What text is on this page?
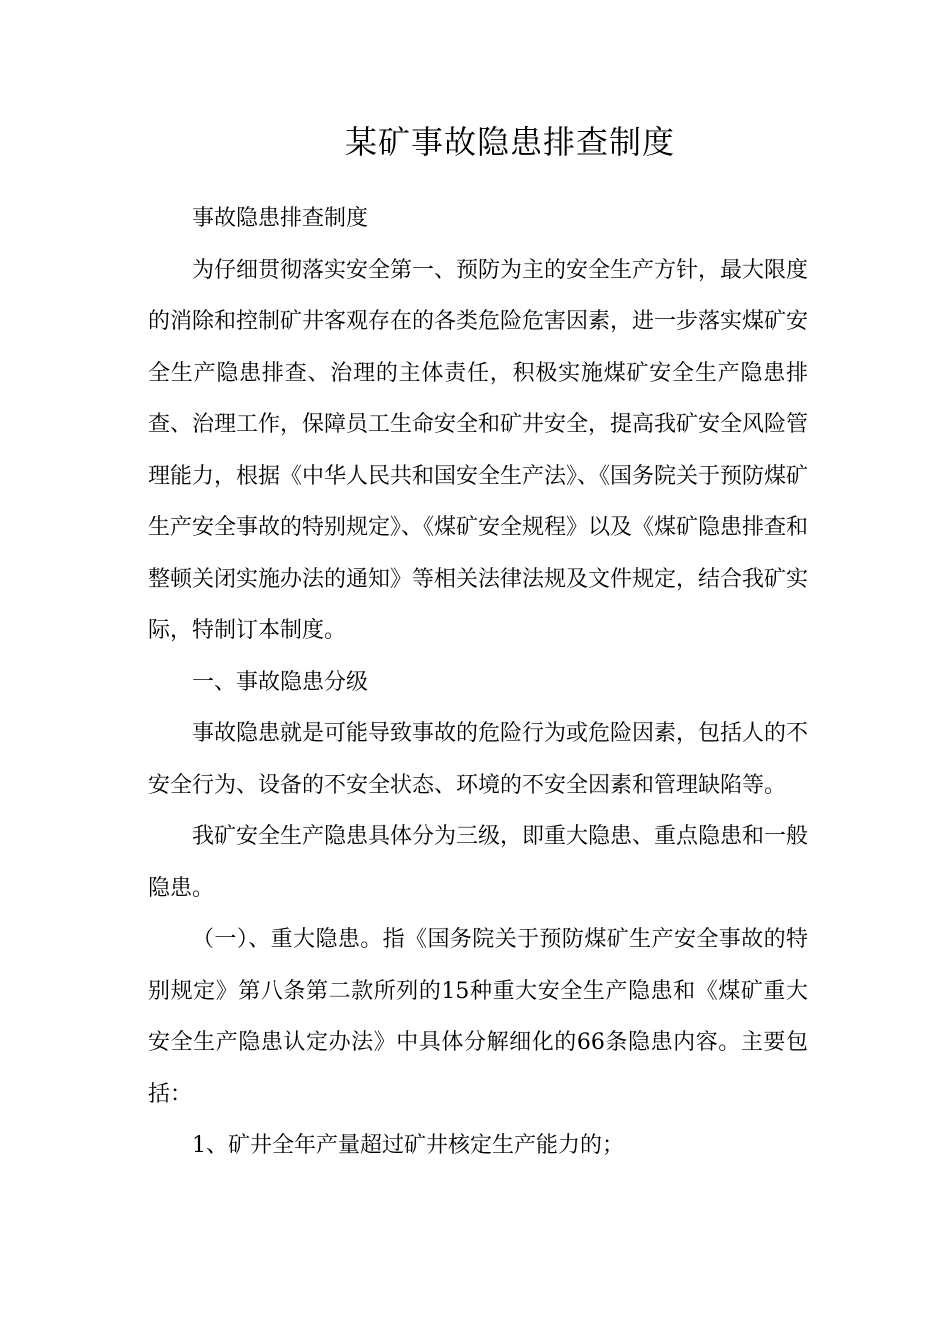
某矿事故隐患排查制度

事故隐患排查制度

为仔细贯彻落实安全第一、预防为主的安全生产方针，最大限度的消除和控制矿井客观存在的各类危险危害因素，进一步落实煤矿安全生产隐患排查、治理的主体责任，积极实施煤矿安全生产隐患排查、治理工作，保障员工生命安全和矿井安全，提高我矿安全风险管理能力，根据《中华人民共和国安全生产法》、《国务院关于预防煤矿生产安全事故的特别规定》、《煤矿安全规程》以及《煤矿隐患排查和整顿关闭实施办法的通知》等相关法律法规及文件规定，结合我矿实际，特制订本制度。

一、事故隐患分级

事故隐患就是可能导致事故的危险行为或危险因素，包括人的不安全行为、设备的不安全状态、环境的不安全因素和管理缺陷等。

我矿安全生产隐患具体分为三级，即重大隐患、重点隐患和一般隐患。

（一）、重大隐患。指《国务院关于预防煤矿生产安全事故的特别规定》第八条第二款所列的15种重大安全生产隐患和《煤矿重大安全生产隐患认定办法》中具体分解细化的66条隐患内容。主要包括：

1、矿井全年产量超过矿井核定生产能力的；
